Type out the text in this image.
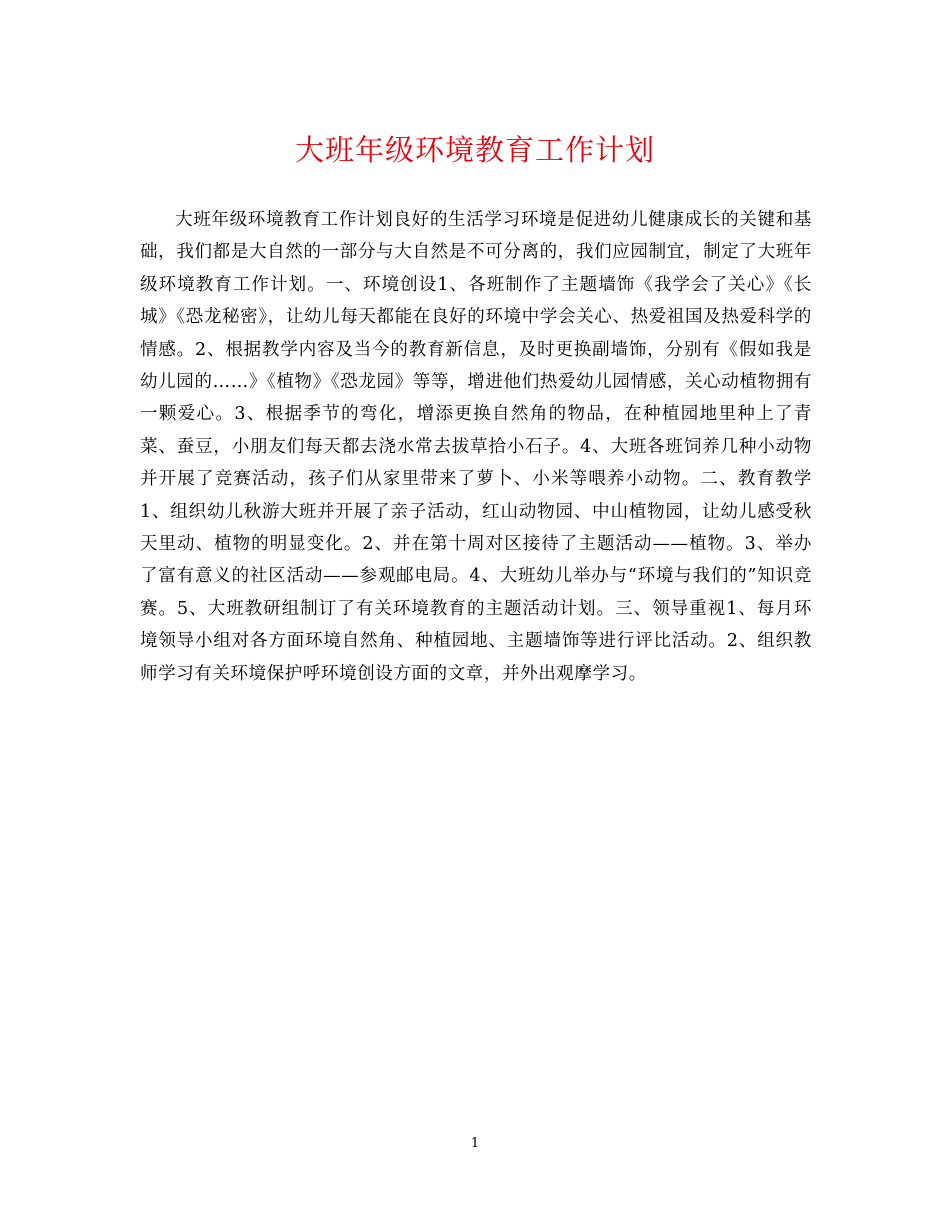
大班年级环境教育工作计划

大班年级环境教育工作计划良好的生活学习环境是促进幼儿健康成长的关键和基础，我们都是大自然的一部分与大自然是不可分离的，我们应园制宜，制定了大班年级环境教育工作计划。一、环境创设1、各班制作了主题墙饰《我学会了关心》《长城》《恐龙秘密》，让幼儿每天都能在良好的环境中学会关心、热爱祖国及热爱科学的情感。2、根据教学内容及当今的教育新信息，及时更换副墙饰，分别有《假如我是幼儿园的……》《植物》《恐龙园》等等，增进他们热爱幼儿园情感，关心动植物拥有一颗爱心。3、根据季节的弯化，增添更换自然角的物品，在种植园地里种上了青菜、蚕豆，小朋友们每天都去浇水常去拔草拾小石子。4、大班各班饲养几种小动物并开展了竞赛活动，孩子们从家里带来了萝卜、小米等喂养小动物。二、教育教学1、组织幼儿秋游大班并开展了亲子活动，红山动物园、中山植物园，让幼儿感受秋天里动、植物的明显变化。2、并在第十周对区接待了主题活动——植物。3、举办了富有意义的社区活动——参观邮电局。4、大班幼儿举办与“环境与我们的”知识竞赛。5、大班教研组制订了有关环境教育的主题活动计划。三、领导重视1、每月环境领导小组对各方面环境自然角、种植园地、主题墙饰等进行评比活动。2、组织教师学习有关环境保护呼环境创设方面的文章，并外出观摩学习。

1
